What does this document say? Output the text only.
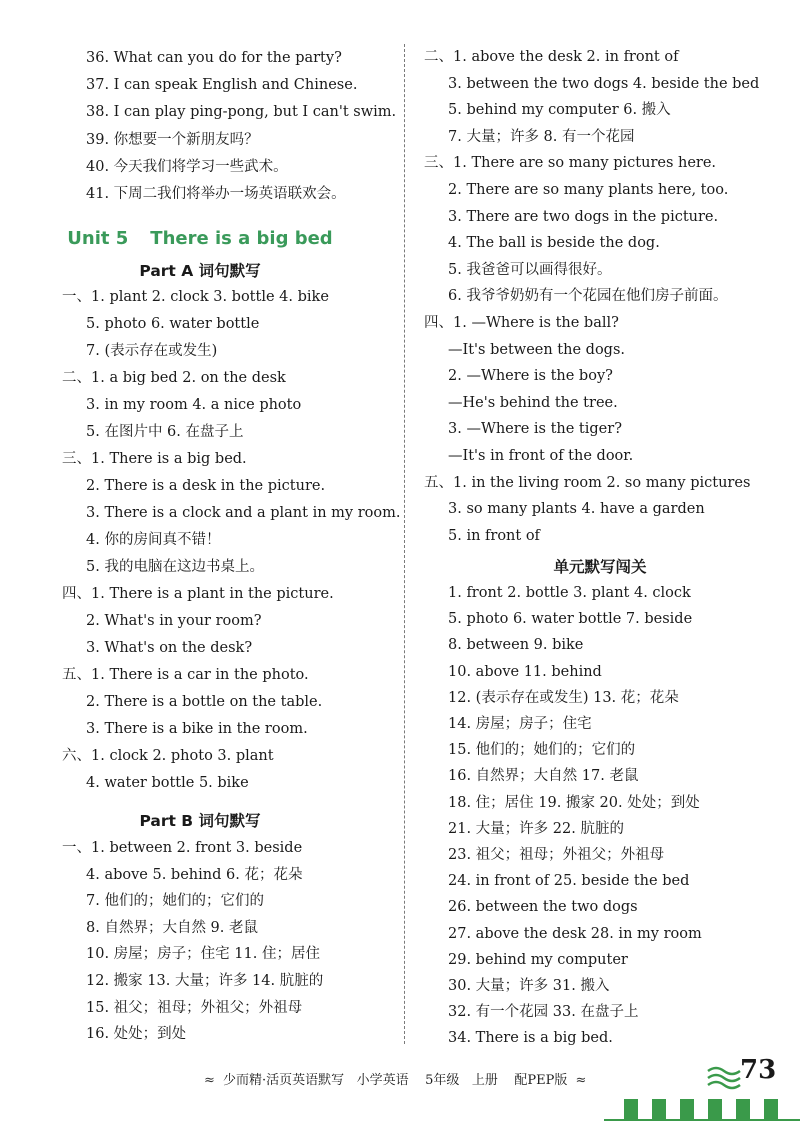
36. What can you do for the party?
37. I can speak English and Chinese.
38. I can play ping-pong, but I can't swim.
39. 你想要一个新朋友吗？
40. 今天我们将学习一些武术。
41. 下周二我们将举办一场英语联欢会。
一、1. plant 2. clock 3. bottle 4. bike
5. photo 6. water bottle
7. (表示存在或发生)
二、1. a big bed 2. on the desk
3. in my room 4. a nice photo
5. 在图片中 6. 在盘子上
三、1. There is a big bed.
2. There is a desk in the picture.
3. There is a clock and a plant in my room.
4. 你的房间真不错！
5. 我的电脑在这边书桌上。
四、1. There is a plant in the picture.
2. What's in your room?
3. What's on the desk?
五、1. There is a car in the photo.
2. There is a bottle on the table.
3. There is a bike in the room.
六、1. clock 2. photo 3. plant
4. water bottle 5. bike
一、1. between 2. front 3. beside
4. above 5. behind 6. 花；花朵
7. 他们的；她们的；它们的
8. 自然界；大自然 9. 老鼠
10. 房屋；房子；住宅 11. 住；居住
12. 搬家 13. 大量；许多 14. 肮脏的
15. 祖父；祖母；外祖父；外祖母
16. 处处；到处
二、1. above the desk 2. in front of
3. between the two dogs 4. beside the bed
5. behind my computer 6. 搬入
7. 大量；许多 8. 有一个花园
三、1. There are so many pictures here.
2. There are so many plants here, too.
3. There are two dogs in the picture.
4. The ball is beside the dog.
5. 我爸爸可以画得很好。
6. 我爷爷奶奶有一个花园在他们房子前面。
四、1. —Where is the ball?
—It's between the dogs.
2. —Where is the boy?
—He's behind the tree.
3. —Where is the tiger?
—It's in front of the door.
五、1. in the living room 2. so many pictures
3. so many plants 4. have a garden
5. in front of
1. front 2. bottle 3. plant 4. clock
5. photo 6. water bottle 7. beside
8. between 9. bike
10. above 11. behind
12. (表示存在或发生) 13. 花；花朵
14. 房屋；房子；住宅
15. 他们的；她们的；它们的
16. 自然界；大自然 17. 老鼠
18. 住；居住 19. 搬家 20. 处处；到处
21. 大量；许多 22. 肮脏的
23. 祖父；祖母；外祖父；外祖母
24. in front of 25. beside the bed
26. between the two dogs
27. above the desk 28. in my room
29. behind my computer
30. 大量；许多 31. 搬入
32. 有一个花园 33. 在盘子上
34. There is a big bed.
Unit 5 There is a big bed
Part A 词句默写
Part B 词句默写
单元默写闯关
≈ 少而精·活页英语默写 小学英语 5年级 上册 配PEP版 ≈	73
